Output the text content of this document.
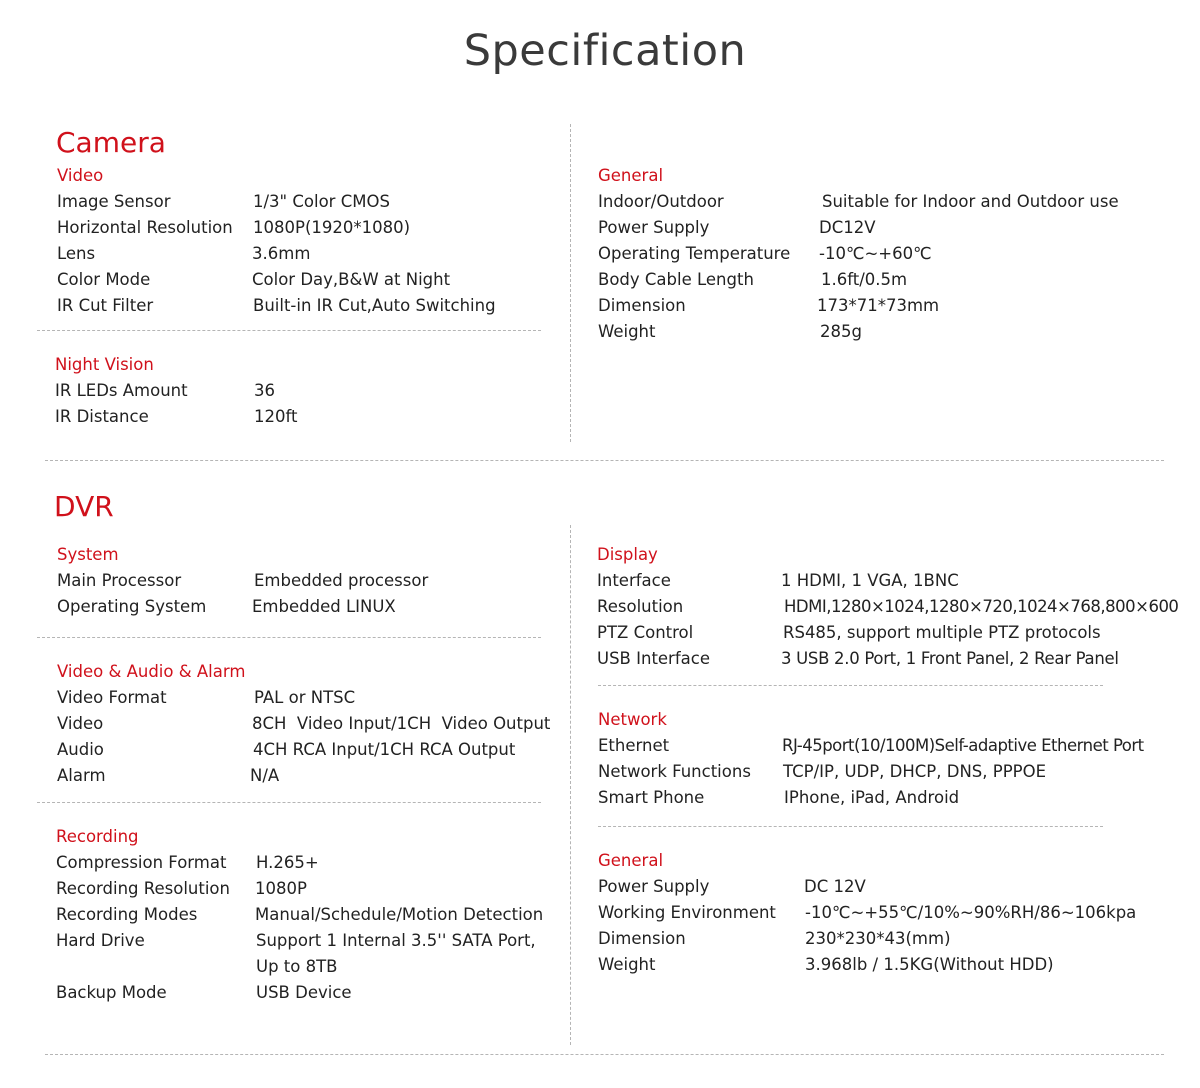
Specification
Camera
Video
Image Sensor	1/3" Color CMOS
Horizontal Resolution 1080P(1920*1080)
Lens	3.6mm
Color Mode	Color Day,B&W at Night
IR Cut Filter	Built-in IR Cut,Auto Switching
Night Vision
IR LEDs Amount	36
IR Distance	120ft
General
Indoor/Outdoor	Suitable for Indoor and Outdoor use
Power Supply	DC12V
Operating Temperature -10℃~+60℃
Body Cable Length	1.6ft/0.5m
Dimension	173*71*73mm
Weight	285g
DVR
System
Main Processor	Embedded processor
Operating System	Embedded LINUX
Video & Audio & Alarm
Video Format	PAL or NTSC
Video	8CH  Video Input/1CH  Video Output
Audio	4CH RCA Input/1CH RCA Output
Alarm	N/A
Recording
Compression Format H.265+
Recording Resolution 1080P
Recording Modes	Manual/Schedule/Motion Detection
Hard Drive	Support 1 Internal 3.5'' SATA Port, Up to 8TB
Backup Mode	USB Device
Display
Interface	1 HDMI, 1 VGA, 1BNC
Resolution	HDMI,1280×1024,1280×720,1024×768,800×600
PTZ Control	RS485, support multiple PTZ protocols
USB Interface	3 USB 2.0 Port, 1 Front Panel, 2 Rear Panel
Network
Ethernet	RJ-45port(10/100M)Self-adaptive Ethernet Port
Network Functions TCP/IP, UDP, DHCP, DNS, PPPOE
Smart Phone	IPhone, iPad, Android
General
Power Supply	DC 12V
Working Environment -10℃~+55℃/10%~90%RH/86~106kpa
Dimension	230*230*43(mm)
Weight	3.968lb / 1.5KG(Without HDD)
